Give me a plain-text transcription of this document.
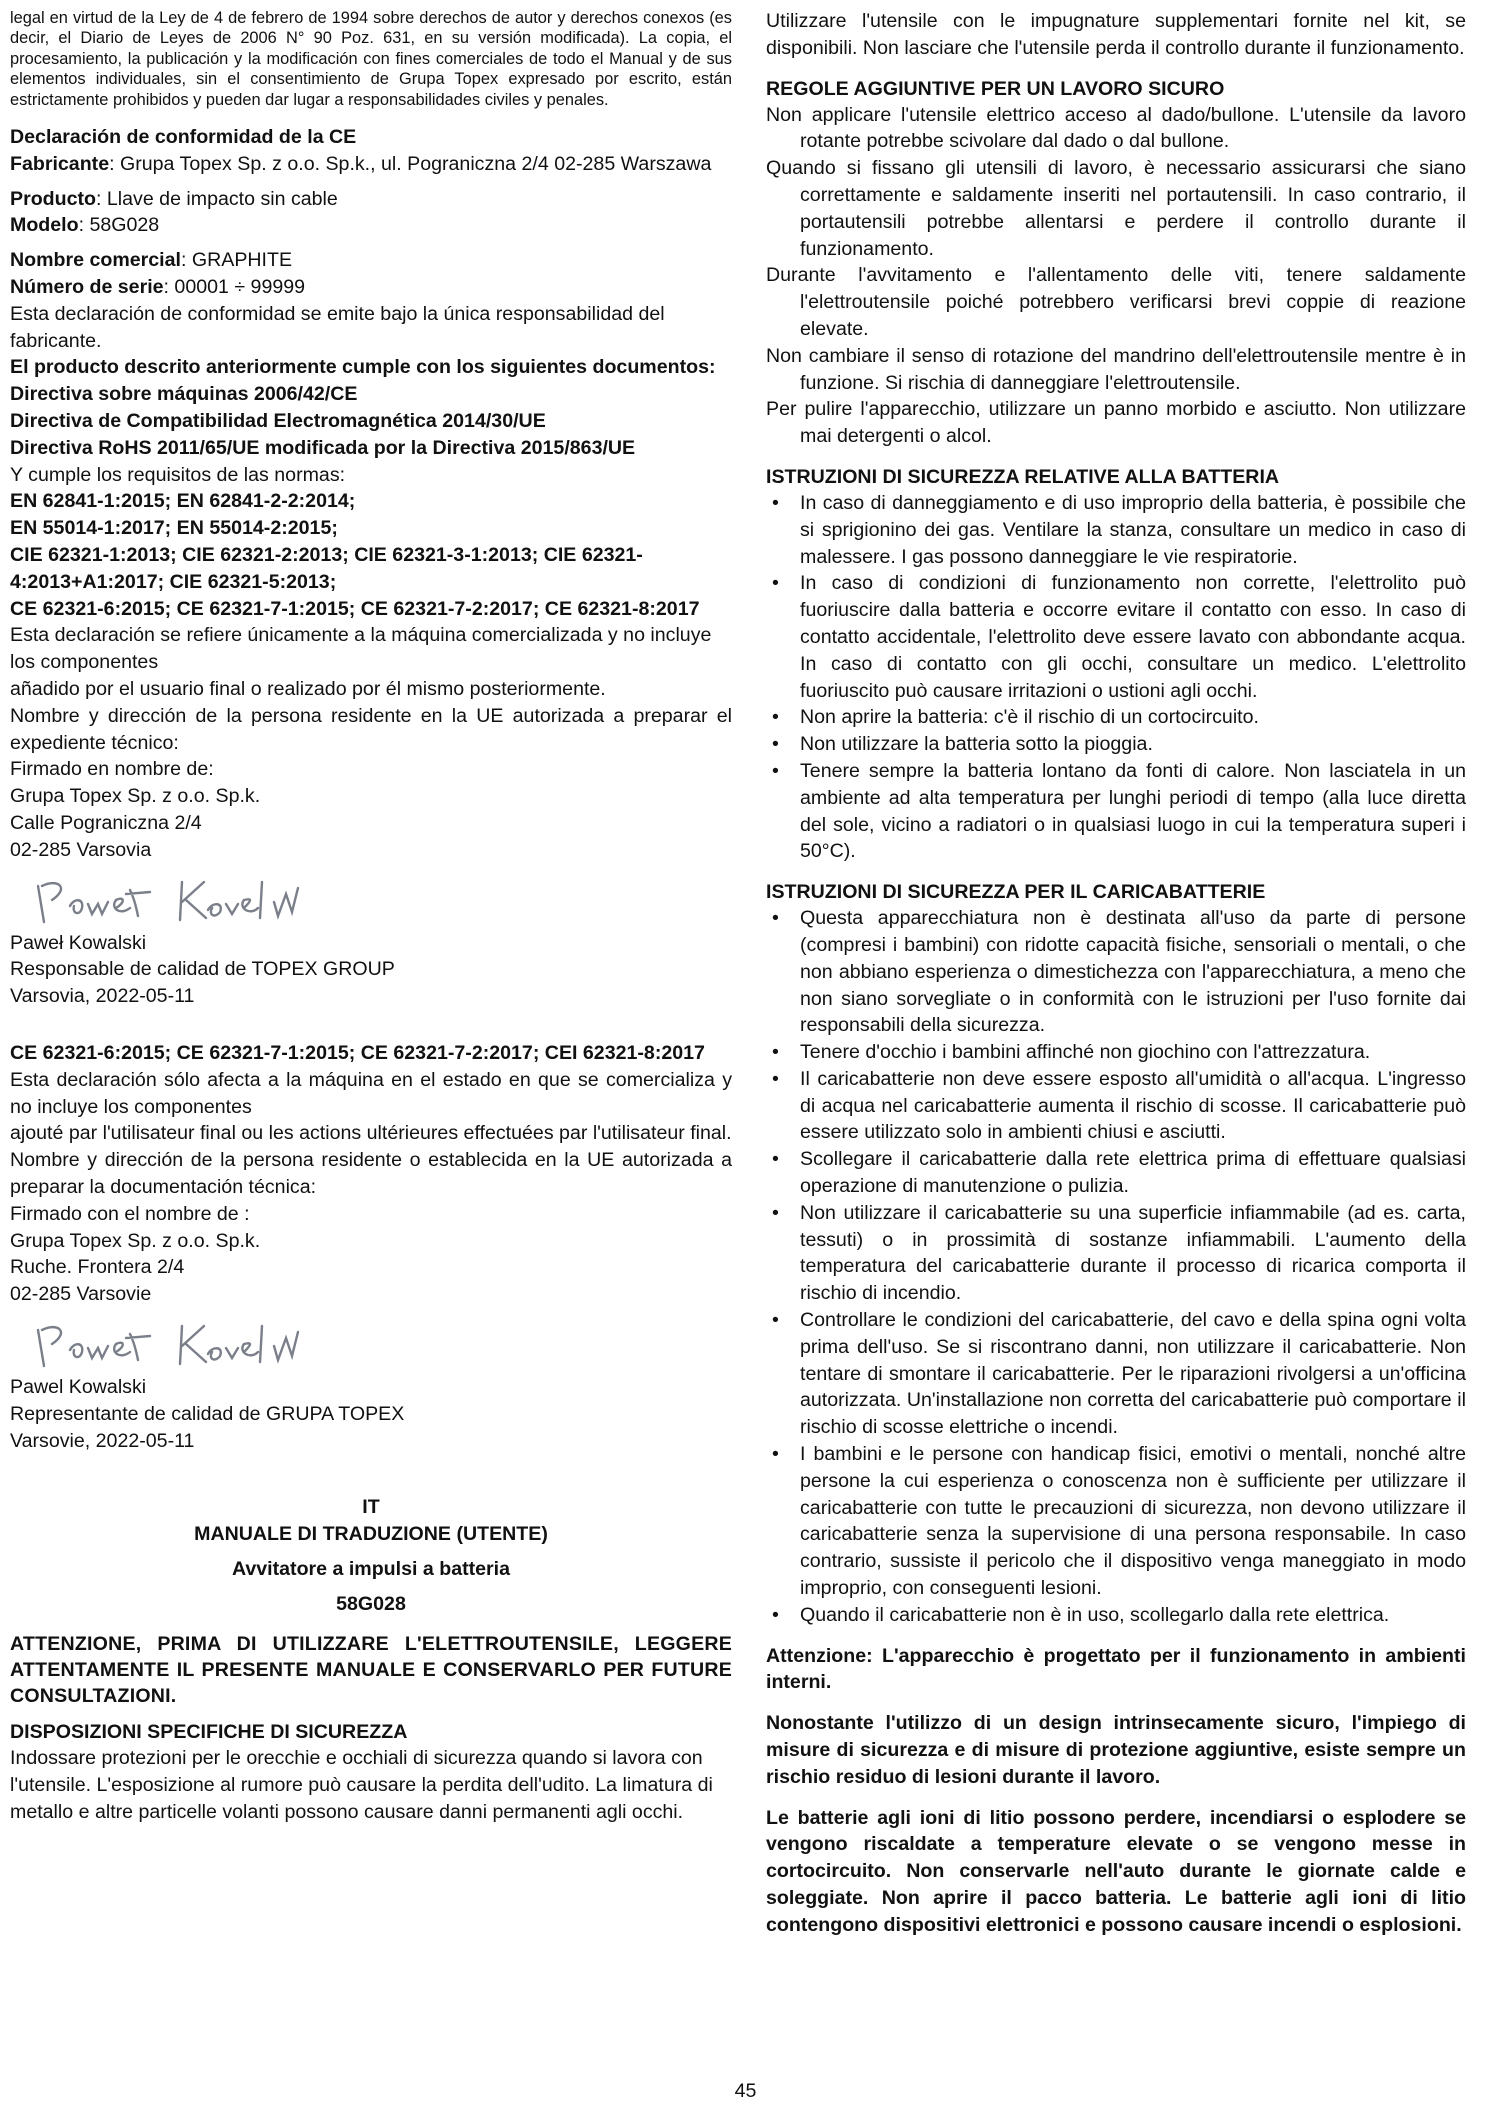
legal en virtud de la Ley de 4 de febrero de 1994 sobre derechos de autor y derechos conexos (es decir, el Diario de Leyes de 2006 N° 90 Poz. 631, en su versión modificada). La copia, el procesamiento, la publicación y la modificación con fines comerciales de todo el Manual y de sus elementos individuales, sin el consentimiento de Grupa Topex expresado por escrito, están estrictamente prohibidos y pueden dar lugar a responsabilidades civiles y penales.

Declaración de conformidad de la CE

Fabricante: Grupa Topex Sp. z o.o. Sp.k., ul. Pograniczna 2/4 02-285 Warszawa

Producto: Llave de impacto sin cable

Modelo: 58G028

Nombre comercial: GRAPHITE

Número de serie: 00001 ÷ 99999

Esta declaración de conformidad se emite bajo la única responsabilidad del fabricante.

El producto descrito anteriormente cumple con los siguientes documentos:

Directiva sobre máquinas 2006/42/CE

Directiva de Compatibilidad Electromagnética 2014/30/UE

Directiva RoHS 2011/65/UE modificada por la Directiva 2015/863/UE

Y cumple los requisitos de las normas:

EN 62841-1:2015; EN 62841-2-2:2014;

EN 55014-1:2017; EN 55014-2:2015;

CIE 62321-1:2013; CIE 62321-2:2013; CIE 62321-3-1:2013; CIE 62321-4:2013+A1:2017; CIE 62321-5:2013;

CE 62321-6:2015; CE 62321-7-1:2015; CE 62321-7-2:2017; CE 62321-8:2017

Esta declaración se refiere únicamente a la máquina comercializada y no incluye los componentes

añadido por el usuario final o realizado por él mismo posteriormente.

Nombre y dirección de la persona residente en la UE autorizada a preparar el expediente técnico:

Firmado en nombre de:

Grupa Topex Sp. z o.o. Sp.k.

Calle Pograniczna 2/4

02-285 Varsovia

Paweł Kowalski

Responsable de calidad de TOPEX GROUP

Varsovia, 2022-05-11

CE 62321-6:2015; CE 62321-7-1:2015; CE 62321-7-2:2017; CEI 62321-8:2017

Esta declaración sólo afecta a la máquina en el estado en que se comercializa y no incluye los componentes

ajouté par l'utilisateur final ou les actions ultérieures effectuées par l'utilisateur final.

Nombre y dirección de la persona residente o establecida en la UE autorizada a preparar la documentación técnica:

Firmado con el nombre de :

Grupa Topex Sp. z o.o. Sp.k.

Ruche. Frontera 2/4

02-285 Varsovie

Pawel Kowalski

Representante de calidad de GRUPA TOPEX

Varsovie, 2022-05-11

IT

MANUALE DI TRADUZIONE (UTENTE)

Avvitatore a impulsi a batteria

58G028

ATTENZIONE, PRIMA DI UTILIZZARE L'ELETTROUTENSILE, LEGGERE ATTENTAMENTE IL PRESENTE MANUALE E CONSERVARLO PER FUTURE CONSULTAZIONI.

DISPOSIZIONI SPECIFICHE DI SICUREZZA

Indossare protezioni per le orecchie e occhiali di sicurezza quando si lavora con l'utensile. L'esposizione al rumore può causare la perdita dell'udito. La limatura di metallo e altre particelle volanti possono causare danni permanenti agli occhi.

Utilizzare l'utensile con le impugnature supplementari fornite nel kit, se disponibili. Non lasciare che l'utensile perda il controllo durante il funzionamento.

REGOLE AGGIUNTIVE PER UN LAVORO SICURO

Non applicare l'utensile elettrico acceso al dado/bullone. L'utensile da lavoro rotante potrebbe scivolare dal dado o dal bullone.

Quando si fissano gli utensili di lavoro, è necessario assicurarsi che siano correttamente e saldamente inseriti nel portautensili. In caso contrario, il portautensili potrebbe allentarsi e perdere il controllo durante il funzionamento.

Durante l'avvitamento e l'allentamento delle viti, tenere saldamente l'elettroutensile poiché potrebbero verificarsi brevi coppie di reazione elevate.

Non cambiare il senso di rotazione del mandrino dell'elettroutensile mentre è in funzione. Si rischia di danneggiare l'elettroutensile.

Per pulire l'apparecchio, utilizzare un panno morbido e asciutto. Non utilizzare mai detergenti o alcol.

ISTRUZIONI DI SICUREZZA RELATIVE ALLA BATTERIA

• In caso di danneggiamento e di uso improprio della batteria, è possibile che si sprigionino dei gas. Ventilare la stanza, consultare un medico in caso di malessere. I gas possono danneggiare le vie respiratorie.
• In caso di condizioni di funzionamento non corrette, l'elettrolito può fuoriuscire dalla batteria e occorre evitare il contatto con esso. In caso di contatto accidentale, l'elettrolito deve essere lavato con abbondante acqua. In caso di contatto con gli occhi, consultare un medico. L'elettrolito fuoriuscito può causare irritazioni o ustioni agli occhi.
• Non aprire la batteria: c'è il rischio di un cortocircuito.
• Non utilizzare la batteria sotto la pioggia.
• Tenere sempre la batteria lontano da fonti di calore. Non lasciatela in un ambiente ad alta temperatura per lunghi periodi di tempo (alla luce diretta del sole, vicino a radiatori o in qualsiasi luogo in cui la temperatura superi i 50°C).

ISTRUZIONI DI SICUREZZA PER IL CARICABATTERIE

• Questa apparecchiatura non è destinata all'uso da parte di persone (compresi i bambini) con ridotte capacità fisiche, sensoriali o mentali, o che non abbiano esperienza o dimestichezza con l'apparecchiatura, a meno che non siano sorvegliate o in conformità con le istruzioni per l'uso fornite dai responsabili della sicurezza.
• Tenere d'occhio i bambini affinché non giochino con l'attrezzatura.
• Il caricabatterie non deve essere esposto all'umidità o all'acqua. L'ingresso di acqua nel caricabatterie aumenta il rischio di scosse. Il caricabatterie può essere utilizzato solo in ambienti chiusi e asciutti.
• Scollegare il caricabatterie dalla rete elettrica prima di effettuare qualsiasi operazione di manutenzione o pulizia.
• Non utilizzare il caricabatterie su una superficie infiammabile (ad es. carta, tessuti) o in prossimità di sostanze infiammabili. L'aumento della temperatura del caricabatterie durante il processo di ricarica comporta il rischio di incendio.
• Controllare le condizioni del caricabatterie, del cavo e della spina ogni volta prima dell'uso. Se si riscontrano danni, non utilizzare il caricabatterie. Non tentare di smontare il caricabatterie. Per le riparazioni rivolgersi a un'officina autorizzata. Un'installazione non corretta del caricabatterie può comportare il rischio di scosse elettriche o incendi.
• I bambini e le persone con handicap fisici, emotivi o mentali, nonché altre persone la cui esperienza o conoscenza non è sufficiente per utilizzare il caricabatterie con tutte le precauzioni di sicurezza, non devono utilizzare il caricabatterie senza la supervisione di una persona responsabile. In caso contrario, sussiste il pericolo che il dispositivo venga maneggiato in modo improprio, con conseguenti lesioni.
• Quando il caricabatterie non è in uso, scollegarlo dalla rete elettrica.

Attenzione: L'apparecchio è progettato per il funzionamento in ambienti interni.

Nonostante l'utilizzo di un design intrinsecamente sicuro, l'impiego di misure di sicurezza e di misure di protezione aggiuntive, esiste sempre un rischio residuo di lesioni durante il lavoro.

Le batterie agli ioni di litio possono perdere, incendiarsi o esplodere se vengono riscaldate a temperature elevate o se vengono messe in cortocircuito. Non conservarle nell'auto durante le giornate calde e soleggiate. Non aprire il pacco batteria. Le batterie agli ioni di litio contengono dispositivi elettronici e possono causare incendi o esplosioni.

45
